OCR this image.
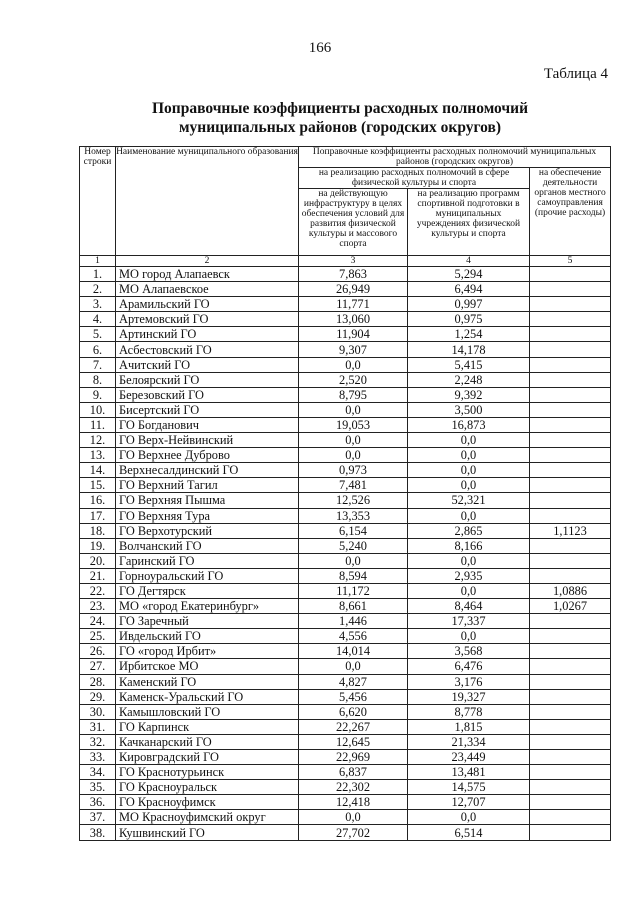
166
Таблица 4
Поправочные коэффициенты расходных полномочий
муниципальных районов (городских округов)
Номер строки	Наименование муниципального образования	Поправочные коэффициенты расходных полномочий муниципальных районов (городских округов)		
		на реализацию расходных полномочий в сфере физической культуры и спорта		на обеспечение деятельности органов местного самоуправления (прочие расходы)
		на действующую инфраструктуру в целях обеспечения условий для развития физической культуры и массового спорта	на реализацию программ спортивной подготовки в муниципальных учреждениях физической культуры и спорта	
1	2	3	4	5
1.	МО город Алапаевск	7,863	5,294	
2.	МО Алапаевское	26,949	6,494	
3.	Арамильский ГО	11,771	0,997	
4.	Артемовский ГО	13,060	0,975	
5.	Артинский ГО	11,904	1,254	
6.	Асбестовский ГО	9,307	14,178	
7.	Ачитский ГО	0,0	5,415	
8.	Белоярский ГО	2,520	2,248	
9.	Березовский ГО	8,795	9,392	
10.	Бисертский ГО	0,0	3,500	
11.	ГО Богданович	19,053	16,873	
12.	ГО Верх-Нейвинский	0,0	0,0	
13.	ГО Верхнее Дуброво	0,0	0,0	
14.	Верхнесалдинский ГО	0,973	0,0	
15.	ГО Верхний Тагил	7,481	0,0	
16.	ГО Верхняя Пышма	12,526	52,321	
17.	ГО Верхняя Тура	13,353	0,0	
18.	ГО Верхотурский	6,154	2,865	1,1123
19.	Волчанский ГО	5,240	8,166	
20.	Гаринский ГО	0,0	0,0	
21.	Горноуральский ГО	8,594	2,935	
22.	ГО Дегтярск	11,172	0,0	1,0886
23.	МО «город Екатеринбург»	8,661	8,464	1,0267
24.	ГО Заречный	1,446	17,337	
25.	Ивдельский ГО	4,556	0,0	
26.	ГО «город Ирбит»	14,014	3,568	
27.	Ирбитское МО	0,0	6,476	
28.	Каменский ГО	4,827	3,176	
29.	Каменск-Уральский ГО	5,456	19,327	
30.	Камышловский ГО	6,620	8,778	
31.	ГО Карпинск	22,267	1,815	
32.	Качканарский ГО	12,645	21,334	
33.	Кировградский ГО	22,969	23,449	
34.	ГО Краснотурьинск	6,837	13,481	
35.	ГО Красноуральск	22,302	14,575	
36.	ГО Красноуфимск	12,418	12,707	
37.	МО Красноуфимский округ	0,0	0,0	
38.	Кушвинский ГО	27,702	6,514	
